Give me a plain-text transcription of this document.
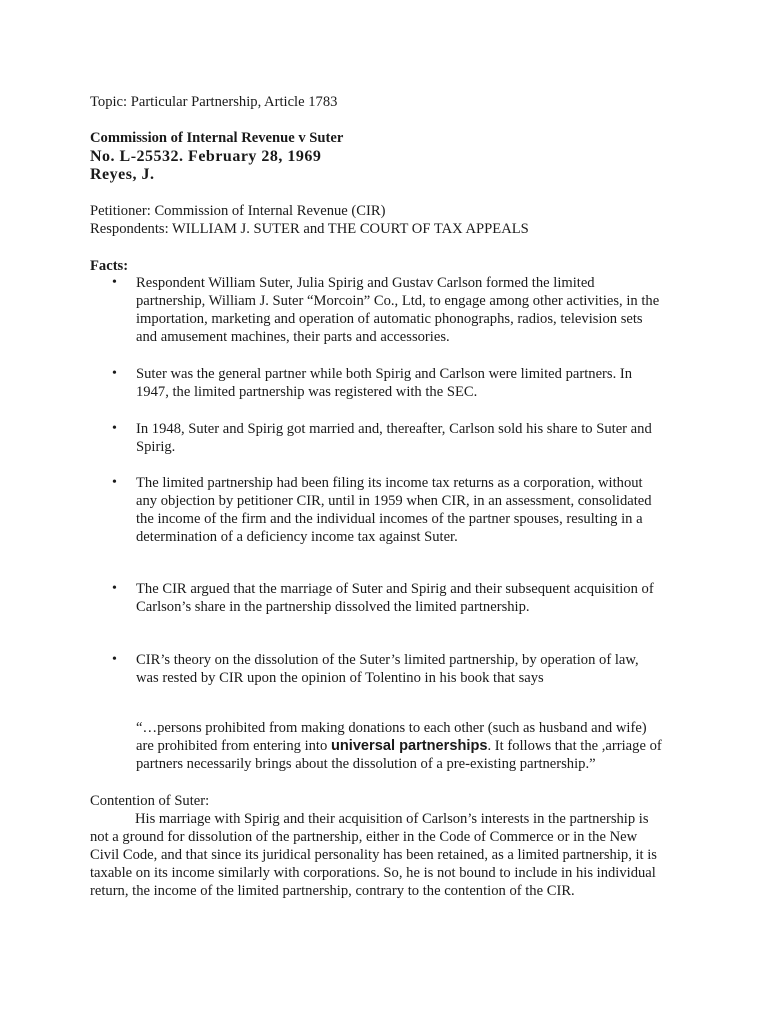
Topic: Particular Partnership, Article 1783
Commission of Internal Revenue v Suter
No. L-25532. February 28, 1969
Reyes, J.
Petitioner: Commission of Internal Revenue (CIR)
Respondents: WILLIAM J. SUTER and THE COURT OF TAX APPEALS
Facts:
• Respondent William Suter, Julia Spirig and Gustav Carlson formed the limited
partnership, William J. Suter “Morcoin” Co., Ltd, to engage among other activities, in the
importation, marketing and operation of automatic phonographs, radios, television sets
and amusement machines, their parts and accessories.
• Suter was the general partner while both Spirig and Carlson were limited partners. In
1947, the limited partnership was registered with the SEC.
• In 1948, Suter and Spirig got married and, thereafter, Carlson sold his share to Suter and
Spirig.
• The limited partnership had been filing its income tax returns as a corporation, without
any objection by petitioner CIR, until in 1959 when CIR, in an assessment, consolidated
the income of the firm and the individual incomes of the partner spouses, resulting in a
determination of a deficiency income tax against Suter.
• The CIR argued that the marriage of Suter and Spirig and their subsequent acquisition of
Carlson’s share in the partnership dissolved the limited partnership.
• CIR’s theory on the dissolution of the Suter’s limited partnership, by operation of law,
was rested by CIR upon the opinion of Tolentino in his book that says
“…persons prohibited from making donations to each other (such as husband and wife)
are prohibited from entering into universal partnerships. It follows that the ,arriage of
partners necessarily brings about the dissolution of a pre-existing partnership.”
Contention of Suter:
His marriage with Spirig and their acquisition of Carlson’s interests in the partnership is
not a ground for dissolution of the partnership, either in the Code of Commerce or in the New
Civil Code, and that since its juridical personality has been retained, as a limited partnership, it is
taxable on its income similarly with corporations. So, he is not bound to include in his individual
return, the income of the limited partnership, contrary to the contention of the CIR.
